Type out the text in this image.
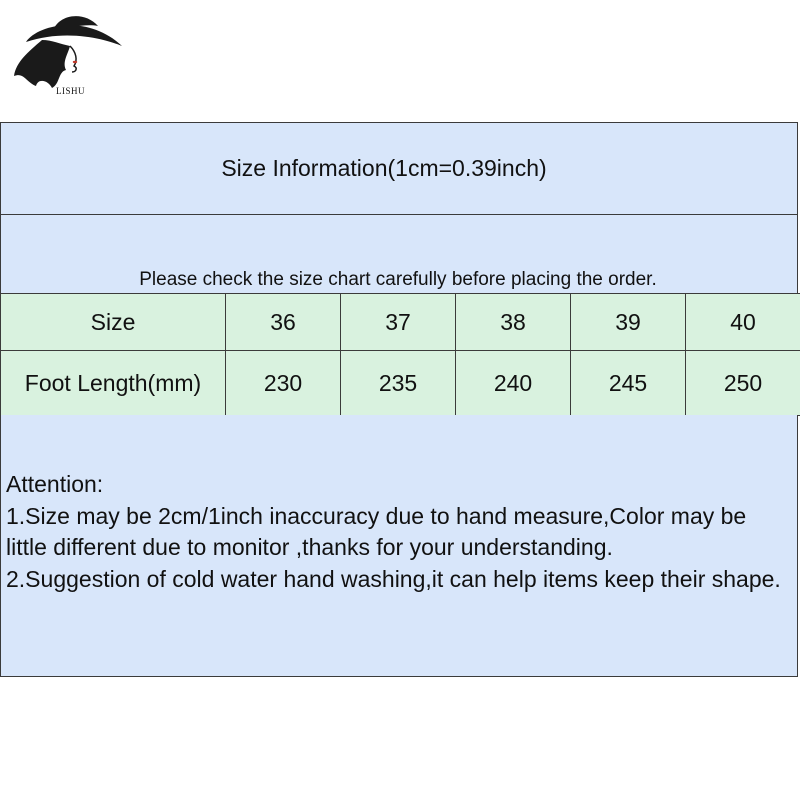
LISHU
Size Information(1cm=0.39inch)
Please check the size chart carefully before placing the order.
Size	36	37	38	39	40
Foot Length(mm)	230	235	240	245	250
Attention:
1.Size may be 2cm/1inch inaccuracy due to hand measure,Color may be little different due to monitor ,thanks for your understanding.
2.Suggestion of cold water hand washing,it can help items keep their shape.
